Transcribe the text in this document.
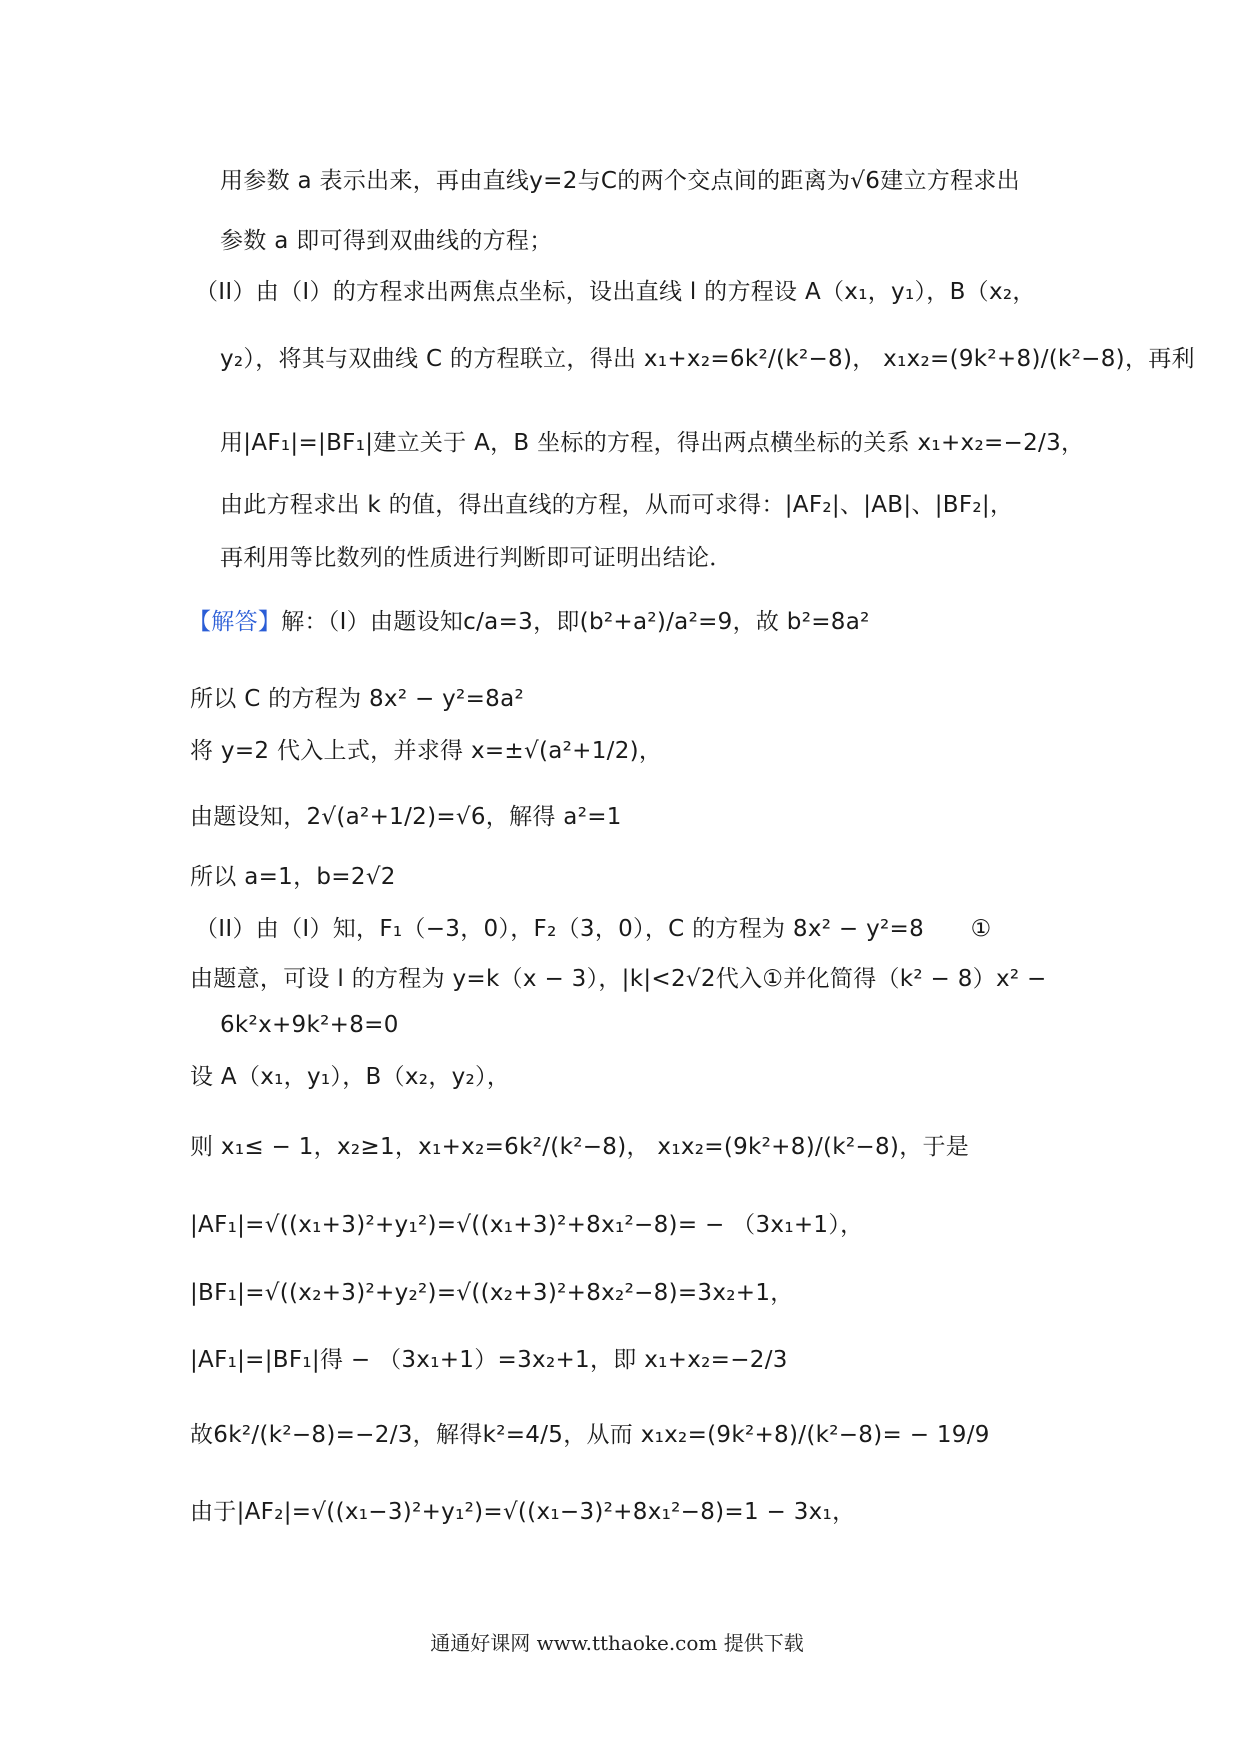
用参数 a 表示出来，再由直线y=2与C的两个交点间的距离为√6建立方程求出
参数 a 即可得到双曲线的方程；
（II）由（I）的方程求出两焦点坐标，设出直线 l 的方程设 A（x₁，y₁），B（x₂，
y₂），将其与双曲线 C 的方程联立，得出 x₁+x₂=6k²/(k²−8)， x₁x₂=(9k²+8)/(k²−8)，再利
用|AF₁|=|BF₁|建立关于 A，B 坐标的方程，得出两点横坐标的关系 x₁+x₂=−2/3，
由此方程求出 k 的值，得出直线的方程，从而可求得：|AF₂|、|AB|、|BF₂|，
再利用等比数列的性质进行判断即可证明出结论．
【解答】解：（I）由题设知c/a=3，即(b²+a²)/a²=9，故 b²=8a²
所以 C 的方程为 8x² − y²=8a²
将 y=2 代入上式，并求得 x=±√(a²+1/2)，
由题设知，2√(a²+1/2)=√6，解得 a²=1
所以 a=1，b=2√2
（II）由（I）知，F₁（−3，0），F₂（3，0），C 的方程为 8x² − y²=8　　①
由题意，可设 l 的方程为 y=k（x − 3），|k|<2√2代入①并化简得（k² − 8）x² −
6k²x+9k²+8=0
设 A（x₁，y₁），B（x₂，y₂），
则 x₁≤ − 1，x₂≥1，x₁+x₂=6k²/(k²−8)， x₁x₂=(9k²+8)/(k²−8)，于是
|AF₁|=√((x₁+3)²+y₁²)=√((x₁+3)²+8x₁²−8)= − （3x₁+1），
|BF₁|=√((x₂+3)²+y₂²)=√((x₂+3)²+8x₂²−8)=3x₂+1，
|AF₁|=|BF₁|得 − （3x₁+1）=3x₂+1，即 x₁+x₂=−2/3
故6k²/(k²−8)=−2/3，解得k²=4/5，从而 x₁x₂=(9k²+8)/(k²−8)= − 19/9
由于|AF₂|=√((x₁−3)²+y₁²)=√((x₁−3)²+8x₁²−8)=1 − 3x₁，
通通好课网 www.tthaoke.com 提供下载
